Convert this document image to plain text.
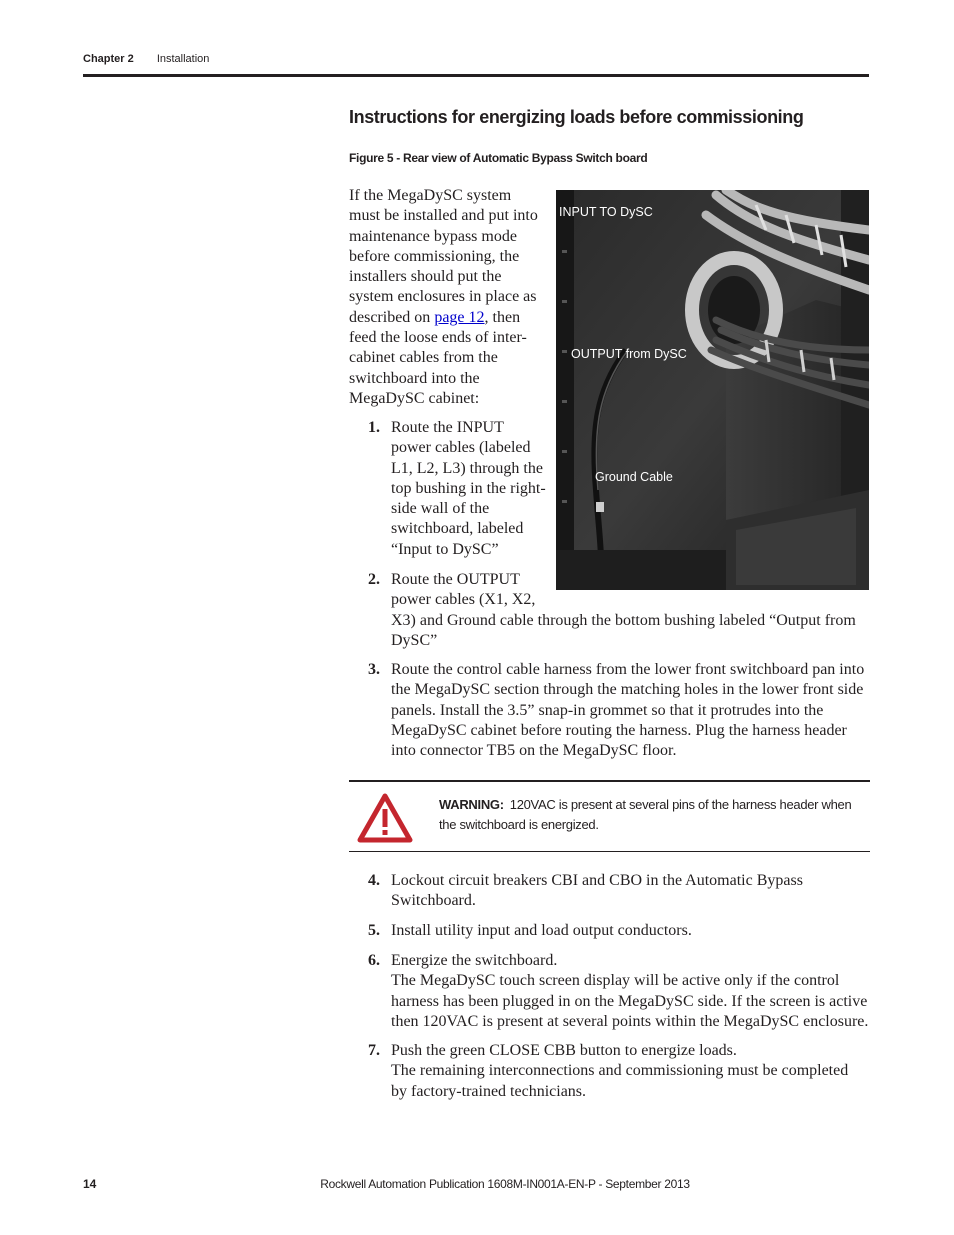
Chapter 2 Installation
Instructions for energizing loads before commissioning
Figure 5 - Rear view of Automatic Bypass Switch board
If the MegaDySC system must be installed and put into maintenance bypass mode before commissioning, the installers should put the system enclosures in place as described on page 12, then feed the loose ends of inter-cabinet cables from the switchboard into the MegaDySC cabinet:
INPUT TO DySC
OUTPUT from DySC
Ground Cable
1. Route the INPUT power cables (labeled L1, L2, L3) through the top bushing in the right-side wall of the switchboard, labeled “Input to DySC”
2. Route the OUTPUT power cables (X1, X2,
X3) and Ground cable through the bottom bushing labeled “Output from DySC”
3. Route the control cable harness from the lower front switchboard pan into the MegaDySC section through the matching holes in the lower front side panels. Install the 3.5” snap-in grommet so that it protrudes into the MegaDySC cabinet before routing the harness. Plug the harness header into connector TB5 on the MegaDySC floor.
WARNING: 120VAC is present at several pins of the harness header when the switchboard is energized.
4. Lockout circuit breakers CBI and CBO in the Automatic Bypass Switchboard.
5. Install utility input and load output conductors.
6. Energize the switchboard.
The MegaDySC touch screen display will be active only if the control harness has been plugged in on the MegaDySC side. If the screen is active then 120VAC is present at several points within the MegaDySC enclosure.
7. Push the green CLOSE CBB button to energize loads.
The remaining interconnections and commissioning must be completed by factory-trained technicians.
14	Rockwell Automation Publication 1608M-IN001A-EN-P - September 2013
